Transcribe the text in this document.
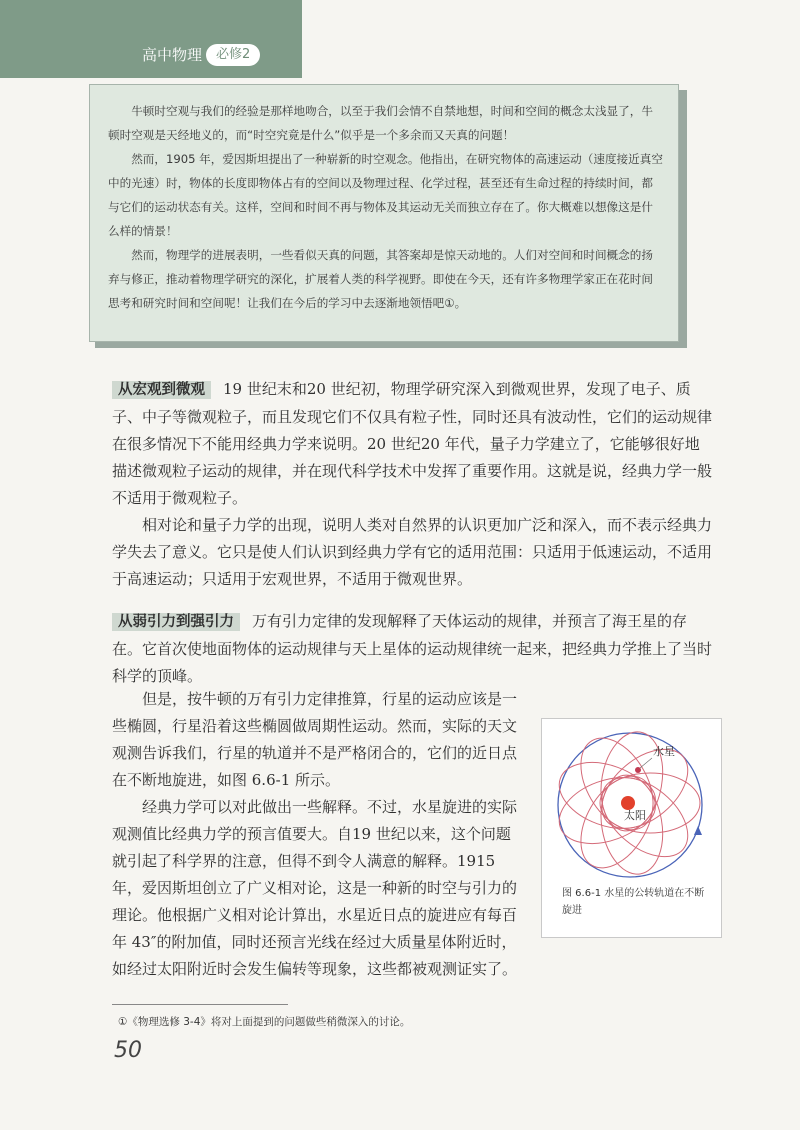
高中物理	必修2

牛顿时空观与我们的经验是那样地吻合，以至于我们会情不自禁地想，时间和空间的概念太浅显了，牛顿时空观是天经地义的，而“时空究竟是什么”似乎是一个多余而又天真的问题！

然而，1905 年，爱因斯坦提出了一种崭新的时空观念。他指出，在研究物体的高速运动（速度接近真空中的光速）时，物体的长度即物体占有的空间以及物理过程、化学过程，甚至还有生命过程的持续时间，都与它们的运动状态有关。这样，空间和时间不再与物体及其运动无关而独立存在了。你大概难以想像这是什么样的情景！

然而，物理学的进展表明，一些看似天真的问题，其答案却是惊天动地的。人们对空间和时间概念的扬弃与修正，推动着物理学研究的深化，扩展着人类的科学视野。即使在今天，还有许多物理学家正在花时间思考和研究时间和空间呢！让我们在今后的学习中去逐渐地领悟吧①。

从宏观到微观 19 世纪末和20 世纪初，物理学研究深入到微观世界，发现了电子、质子、中子等微观粒子，而且发现它们不仅具有粒子性，同时还具有波动性，它们的运动规律在很多情况下不能用经典力学来说明。20 世纪20 年代，量子力学建立了，它能够很好地描述微观粒子运动的规律，并在现代科学技术中发挥了重要作用。这就是说，经典力学一般不适用于微观粒子。

相对论和量子力学的出现，说明人类对自然界的认识更加广泛和深入，而不表示经典力学失去了意义。它只是使人们认识到经典力学有它的适用范围：只适用于低速运动，不适用于高速运动；只适用于宏观世界，不适用于微观世界。

从弱引力到强引力 万有引力定律的发现解释了天体运动的规律，并预言了海王星的存在。它首次使地面物体的运动规律与天上星体的运动规律统一起来，把经典力学推上了当时科学的顶峰。

但是，按牛顿的万有引力定律推算，行星的运动应该是一些椭圆，行星沿着这些椭圆做周期性运动。然而，实际的天文观测告诉我们，行星的轨道并不是严格闭合的，它们的近日点在不断地旋进，如图 6.6-1 所示。

经典力学可以对此做出一些解释。不过，水星旋进的实际观测值比经典力学的预言值要大。自19 世纪以来，这个问题就引起了科学界的注意，但得不到令人满意的解释。1915 年，爱因斯坦创立了广义相对论，这是一种新的时空与引力的理论。他根据广义相对论计算出，水星近日点的旋进应有每百年 43″的附加值，同时还预言光线在经过大质量星体附近时，如经过太阳附近时会发生偏转等现象，这些都被观测证实了。

水星
太阳
图 6.6-1 水星的公转轨道在不断旋进
①《物理选修 3-4》将对上面提到的问题做些稍微深入的讨论。
50
